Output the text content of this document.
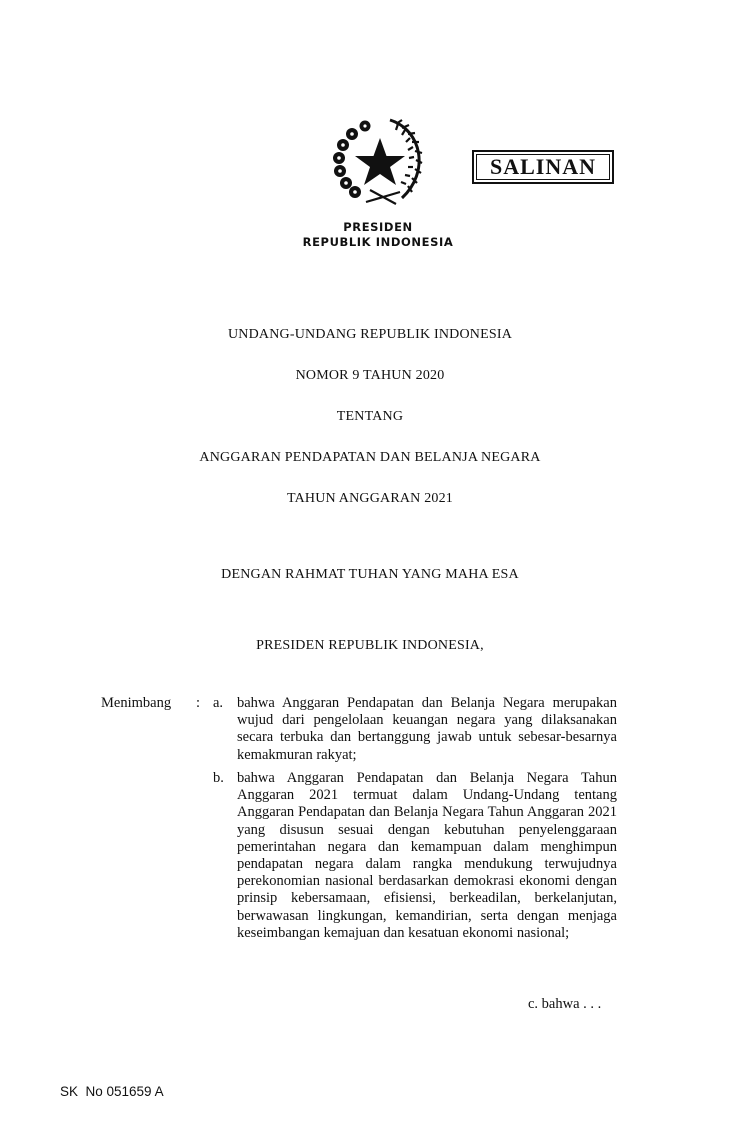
SALINAN
PRESIDEN
REPUBLIK INDONESIA
UNDANG-UNDANG REPUBLIK INDONESIA
NOMOR 9 TAHUN 2020
TENTANG
ANGGARAN PENDAPATAN DAN BELANJA NEGARA
TAHUN ANGGARAN 2021
DENGAN RAHMAT TUHAN YANG MAHA ESA
PRESIDEN REPUBLIK INDONESIA,
Menimbang : a. bahwa Anggaran Pendapatan dan Belanja Negara merupakan wujud dari pengelolaan keuangan negara yang dilaksanakan secara terbuka dan bertanggung jawab untuk sebesar-besarnya kemakmuran rakyat;
b. bahwa Anggaran Pendapatan dan Belanja Negara Tahun Anggaran 2021 termuat dalam Undang-Undang tentang Anggaran Pendapatan dan Belanja Negara Tahun Anggaran 2021 yang disusun sesuai dengan kebutuhan penyelenggaraan pemerintahan negara dan kemampuan dalam menghimpun pendapatan negara dalam rangka mendukung terwujudnya perekonomian nasional berdasarkan demokrasi ekonomi dengan prinsip kebersamaan, efisiensi, berkeadilan, berkelanjutan, berwawasan lingkungan, kemandirian, serta dengan menjaga keseimbangan kemajuan dan kesatuan ekonomi nasional;
c. bahwa . . .
SK  No 051659 A
